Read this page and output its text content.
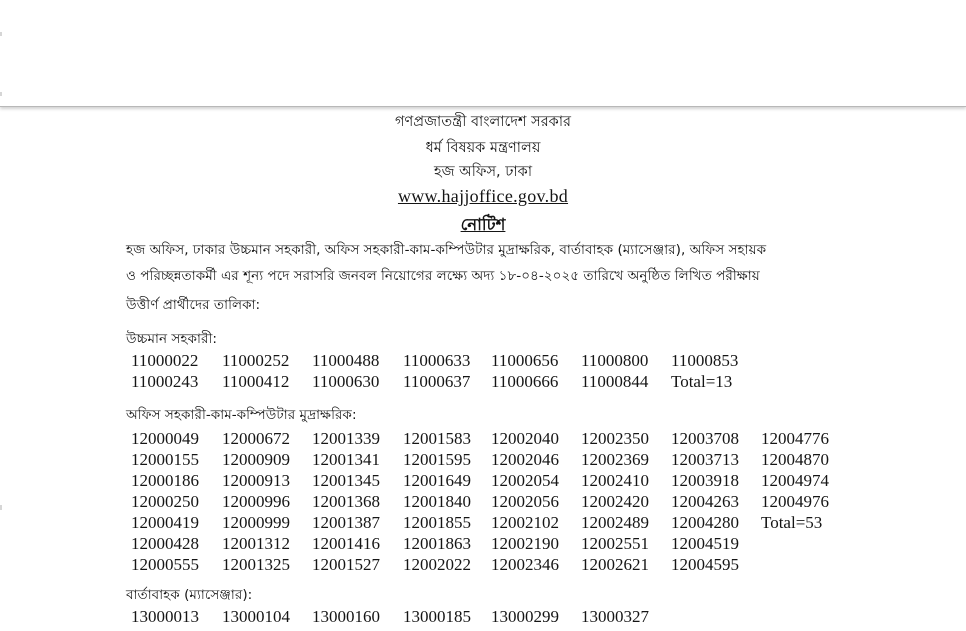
গণপ্রজাতন্ত্রী বাংলাদেশ সরকার
ধর্ম বিষয়ক মন্ত্রণালয়
হজ অফিস, ঢাকা
www.hajjoffice.gov.bd
নোটিশ
হজ অফিস, ঢাকার উচ্চমান সহকারী, অফিস সহকারী-কাম-কম্পিউটার মুদ্রাক্ষরিক, বার্তাবাহক (ম্যাসেঞ্জার), অফিস সহায়ক
ও পরিচ্ছন্নতাকর্মী এর শূন্য পদে সরাসরি জনবল নিয়োগের লক্ষ্যে অদ্য ১৮-০৪-২০২৫ তারিখে অনুষ্ঠিত লিখিত পরীক্ষায়
উত্তীর্ণ প্রার্থীদের তালিকা:
উচ্চমান সহকারী:
11000022 11000252 11000488 11000633 11000656 11000800 11000853
11000243 11000412 11000630 11000637 11000666 11000844 Total=13
অফিস সহকারী-কাম-কম্পিউটার মুদ্রাক্ষরিক:
12000049 12000672 12001339 12001583 12002040 12002350 12003708 12004776
12000155 12000909 12001341 12001595 12002046 12002369 12003713 12004870
12000186 12000913 12001345 12001649 12002054 12002410 12003918 12004974
12000250 12000996 12001368 12001840 12002056 12002420 12004263 12004976
12000419 12000999 12001387 12001855 12002102 12002489 12004280 Total=53
12000428 12001312 12001416 12001863 12002190 12002551 12004519
12000555 12001325 12001527 12002022 12002346 12002621 12004595
বার্তাবাহক (ম্যাসেঞ্জার):
13000013 13000104 13000160 13000185 13000299 13000327
